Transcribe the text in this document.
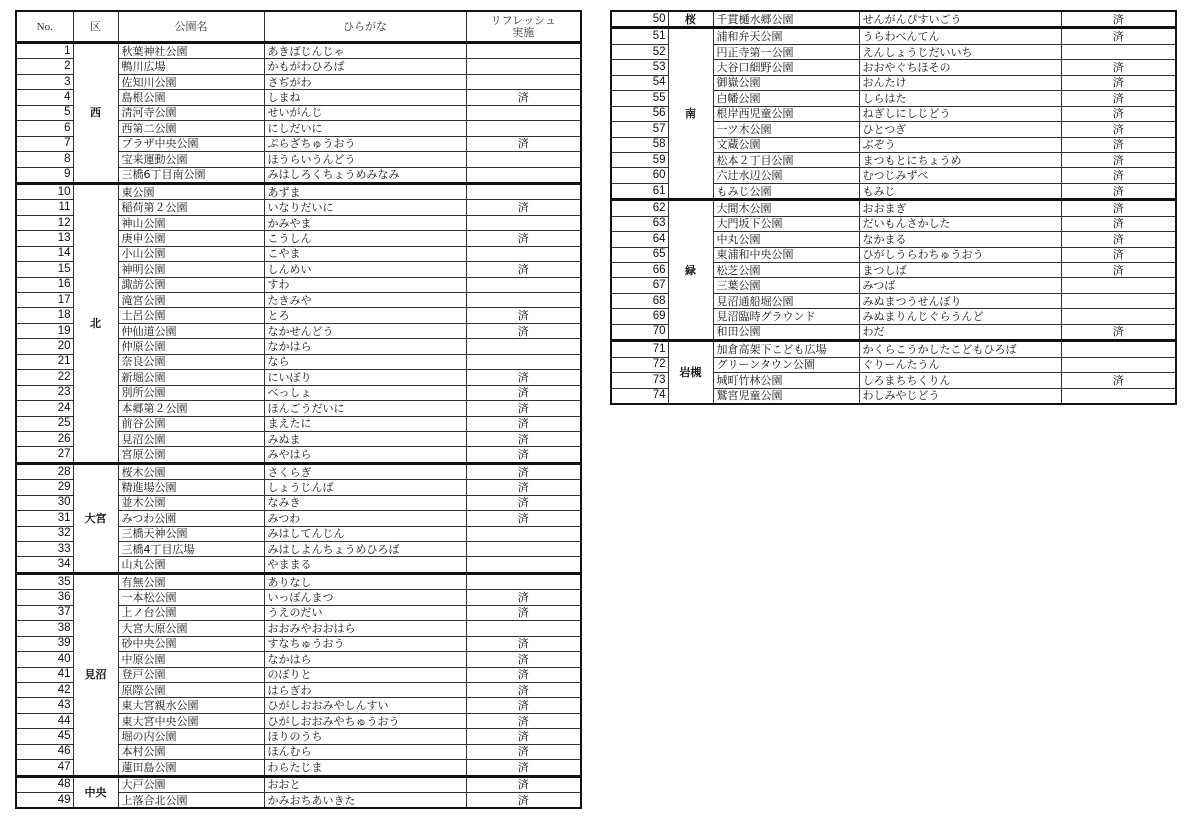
No.	区	公園名	ひらがな	リフレッシュ
実施
1	西	秋葉神社公園	あきばじんじゃ	
2		鴨川広場	かもがわひろば	
3		佐知川公園	さぢがわ	
4		島根公園	しまね	済
5		清河寺公園	せいがんじ	
6		西第二公園	にしだいに	
7		プラザ中央公園	ぷらざちゅうおう	済
8		宝来運動公園	ほうらいうんどう	
9		三橋6丁目南公園	みはしろくちょうめみなみ	
10	北	東公園	あずま	
11		稲荷第２公園	いなりだいに	済
12		神山公園	かみやま	
13		庚申公園	こうしん	済
14		小山公園	こやま	
15		神明公園	しんめい	済
16		諏訪公園	すわ	
17		滝宮公園	たきみや	
18		土呂公園	とろ	済
19		仲仙道公園	なかせんどう	済
20		仲原公園	なかはら	
21		奈良公園	なら	
22		新堀公園	にいぼり	済
23		別所公園	べっしょ	済
24		本郷第２公園	ほんごうだいに	済
25		前谷公園	まえたに	済
26		見沼公園	みぬま	済
27		宮原公園	みやはら	済
28	大宮	桜木公園	さくらぎ	済
29		精進場公園	しょうじんば	済
30		並木公園	なみき	済
31		みつわ公園	みつわ	済
32		三橋天神公園	みはしてんじん	
33		三橋4丁目広場	みはしよんちょうめひろば	
34		山丸公園	やままる	
35	見沼	有無公園	ありなし	
36		一本松公園	いっぽんまつ	済
37		上ノ台公園	うえのだい	済
38		大宮大原公園	おおみやおおはら	
39		砂中央公園	すなちゅうおう	済
40		中原公園	なかはら	済
41		登戸公園	のぼりと	済
42		原際公園	はらぎわ	済
43		東大宮親水公園	ひがしおおみやしんすい	済
44		東大宮中央公園	ひがしおおみやちゅうおう	済
45		堀の内公園	ほりのうち	済
46		本村公園	ほんむら	済
47		蓮田島公園	わらたじま	済
48	中央	大戸公園	おおと	済
49		上落合北公園	かみおちあいきた	済
50	桜	千貫樋水郷公園	せんがんぴすいごう	済
51	南	浦和弁天公園	うらわべんてん	済
52		円正寺第一公園	えんしょうじだいいち	
53		大谷口細野公園	おおやぐちほその	済
54		御嶽公園	おんたけ	済
55		白幡公園	しらはた	済
56		根岸西児童公園	ねぎしにしじどう	済
57		一ツ木公園	ひとつぎ	済
58		文蔵公園	ぶぞう	済
59		松本２丁目公園	まつもとにちょうめ	済
60		六辻水辺公園	むつじみずべ	済
61		もみじ公園	もみじ	済
62	緑	大間木公園	おおまぎ	済
63		大門坂下公園	だいもんさかした	済
64		中丸公園	なかまる	済
65		東浦和中央公園	ひがしうらわちゅうおう	済
66		松芝公園	まつしば	済
67		三葉公園	みつば	
68		見沼通船堀公園	みぬまつうせんぼり	
69		見沼臨時グラウンド	みぬまりんじぐらうんど	
70		和田公園	わだ	済
71	岩槻	加倉高架下こども広場	かくらこうかしたこどもひろば	
72		グリーンタウン公園	ぐりーんたうん	
73		城町竹林公園	しろまちちくりん	済
74		鷲宮児童公園	わしみやじどう	
